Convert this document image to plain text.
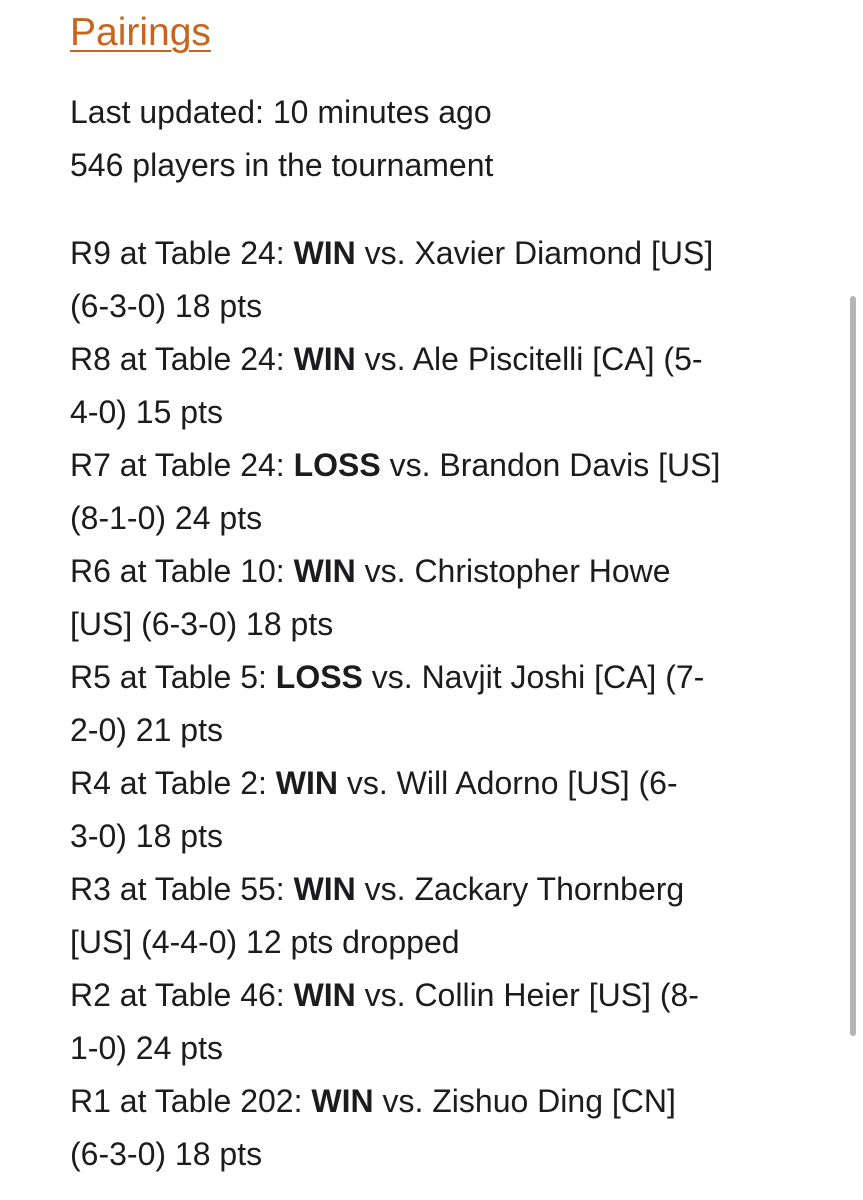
Pairings
Last updated: 10 minutes ago
546 players in the tournament
R9 at Table 24: WIN vs. Xavier Diamond [US]
(6-3-0) 18 pts
R8 at Table 24: WIN vs. Ale Piscitelli [CA] (5-
4-0) 15 pts
R7 at Table 24: LOSS vs. Brandon Davis [US]
(8-1-0) 24 pts
R6 at Table 10: WIN vs. Christopher Howe
[US] (6-3-0) 18 pts
R5 at Table 5: LOSS vs. Navjit Joshi [CA] (7-
2-0) 21 pts
R4 at Table 2: WIN vs. Will Adorno [US] (6-
3-0) 18 pts
R3 at Table 55: WIN vs. Zackary Thornberg
[US] (4-4-0) 12 pts dropped
R2 at Table 46: WIN vs. Collin Heier [US] (8-
1-0) 24 pts
R1 at Table 202: WIN vs. Zishuo Ding [CN]
(6-3-0) 18 pts
